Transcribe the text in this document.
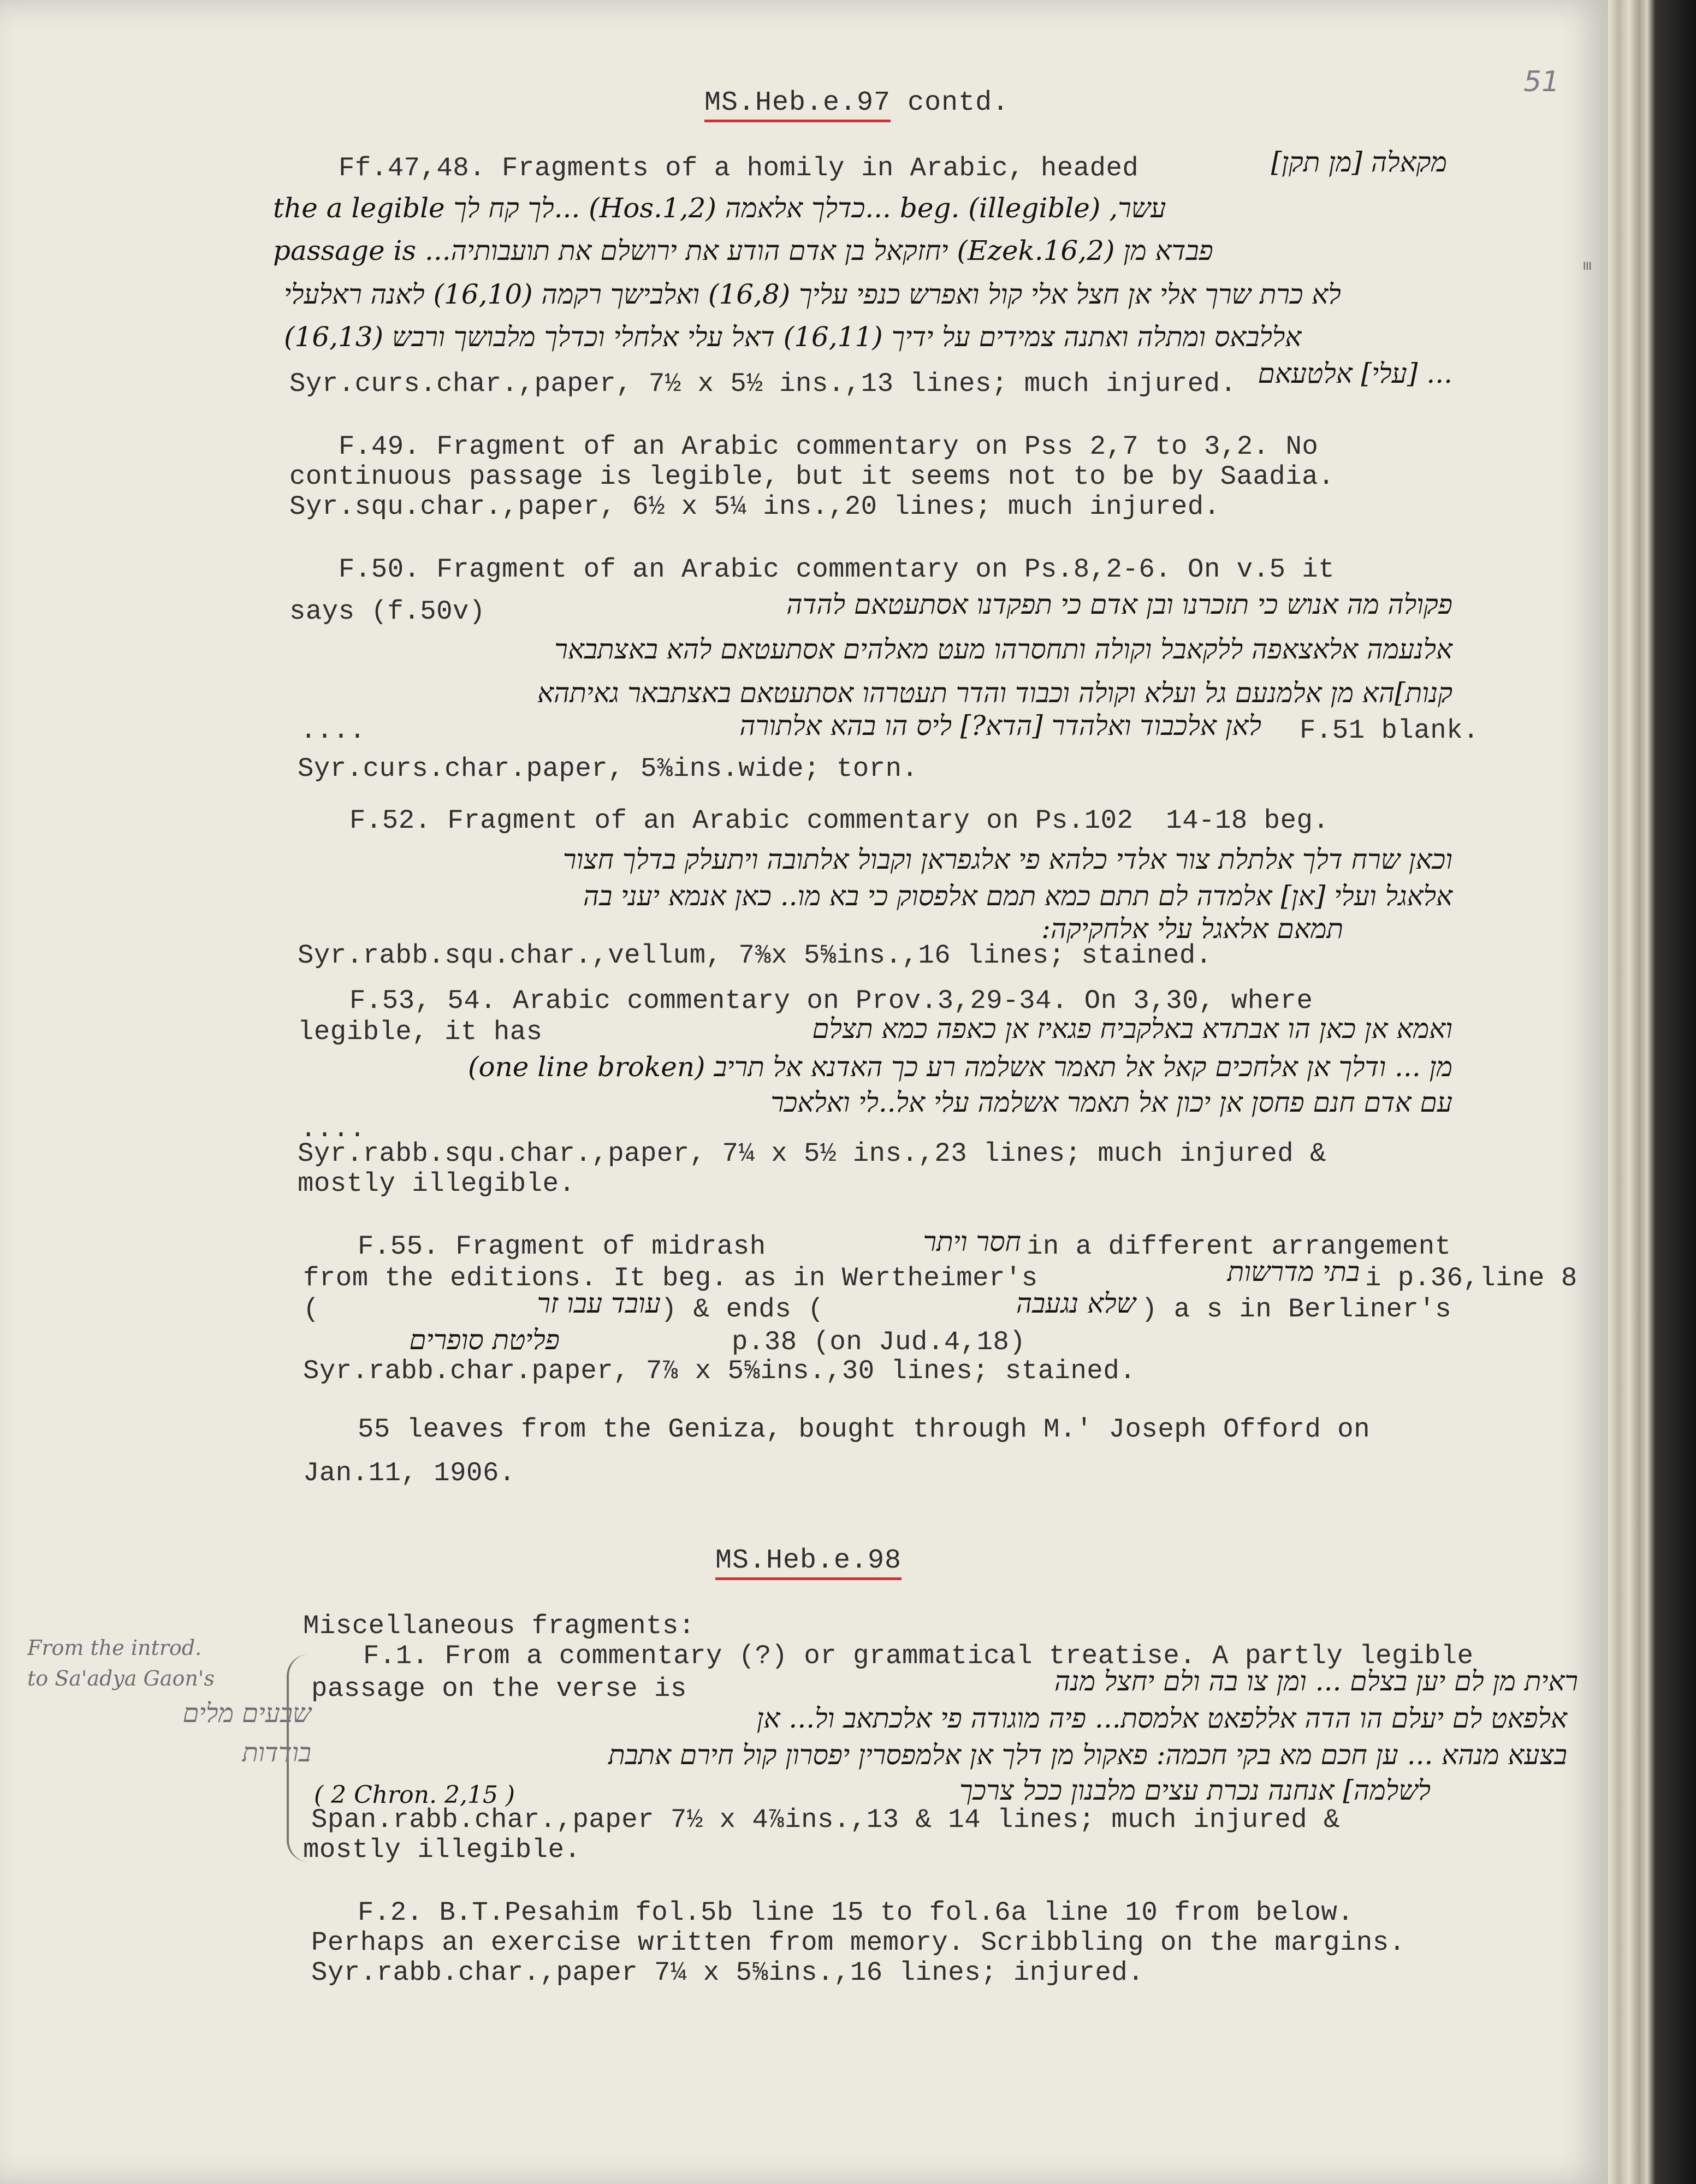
51
≡
MS.Heb.e.97 contd.
Ff.47,48. Fragments of a homily in Arabic, headed	מקאלה [מן תקן]
עשר, beg. (illegible) ...כדלך אלאמה (Hos.1,2) ...לך קח לך the a legible
passage is ...יחזקאל בן אדם הודע את ירושלם את תועבותיה (Ezek.16,2) פבדא מן
לא כרת שרך אלי אן חצל אלי קול ואפרש כנפי עליך (16,8) ואלבישך רקמה (16,10) לאנה ראלעלי
אללבאס ומתלה ואתנה צמידים על ידיך (16,11) דאל עלי אלחלי וכדלך מלבושך ורבש (16,13)
... [עלי] אלטעאם
Syr.curs.char.,paper, 7½ x 5½ ins.,13 lines; much injured.
F.49. Fragment of an Arabic commentary on Pss 2,7 to 3,2. No
continuous passage is legible, but it seems not to be by Saadia.
Syr.squ.char.,paper, 6½ x 5¼ ins.,20 lines; much injured.
F.50. Fragment of an Arabic commentary on Ps.8,2-6. On v.5 it
says (f.50v)	פקולה מה אנוש כי תזכרנו ובן אדם כי תפקדנו אסתעטאם להדה
אלנעמה אלאצאפה ללקאבל וקולה ותחסרהו מעט מאלהים אסתעטאם להא באצתבאר
קנות]הא מן אלמנעם גל ועלא וקולה וכבוד והדר תעטרהו אסתעטאם באצתבאר גאיתהא
....	לאן אלכבוד ואלהדר [הדא?] ליס הו בהא אלתורה F.51 blank.
Syr.curs.char.paper, 5⅜ins.wide; torn.
F.52. Fragment of an Arabic commentary on Ps.102  14-18 beg.
וכאן שרח דלך אלתלת צור אלדי כלהא פי אלגפראן וקבול אלתובה ויתעלק בדלך חצור
אלאגל ועלי [אן] אלמדה לם תתם כמא תמם אלפסוק כי בא מו.. כאן אנמא יעני בה
תמאם אלאגל עלי אלחקיקה:
Syr.rabb.squ.char.,vellum, 7⅜x 5⅝ins.,16 lines; stained.
F.53, 54. Arabic commentary on Prov.3,29-34. On 3,30, where
legible, it has	ואמא אן כאן הו אבתדא באלקביח פגאיז אן כאפה כמא תצלם
מן ... ודלך אן אלחכים קאל אל תאמר אשלמה רע כך האדנא אל תריב (one line broken)
עם אדם חנם פחסן אן יכון אל תאמר אשלמה עלי אל..לי ואלאכר
....
Syr.rabb.squ.char.,paper, 7¼ x 5½ ins.,23 lines; much injured &
mostly illegible.
F.55. Fragment of midrash	חסר ויתר in a different arrangement
from the editions. It beg. as in Wertheimer's	בתי מדרשות i p.36,line 8
(	עובד עבו זר ) & ends (	שלא נגעבה ) a s in Berliner's
פליטת סופרים	p.38 (on Jud.4,18)
Syr.rabb.char.paper, 7⅞ x 5⅝ins.,30 lines; stained.
55 leaves from the Geniza, bought through M.' Joseph Offord on
Jan.11, 1906.
MS.Heb.e.98
Miscellaneous fragments:
From the introd.
to Sa'adya Gaon's
שבעים מלים
בודדות
F.1. From a commentary (?) or grammatical treatise. A partly legible
passage on the verse is	ראית מן לם יען בצלם ... ומן צו בה ולם יחצל מנה
אלפאט לם יעלם הו הדה אללפאט אלמסת... פיה מוגודה פי אלכתאב ול... אן
בצעא מנהא ... ען חכם מא בקי חכמה: פאקול מן דלך אן אלמפסרין יפסרון קול חירם אתבת
לשלמה] אנחנה נכרת עצים מלבנון ככל צרכך
( 2 Chron. 2,15 )
Span.rabb.char.,paper 7½ x 4⅞ins.,13 & 14 lines; much injured &
mostly illegible.
F.2. B.T.Pesahim fol.5b line 15 to fol.6a line 10 from below.
Perhaps an exercise written from memory. Scribbling on the margins.
Syr.rabb.char.,paper 7¼ x 5⅝ins.,16 lines; injured.
